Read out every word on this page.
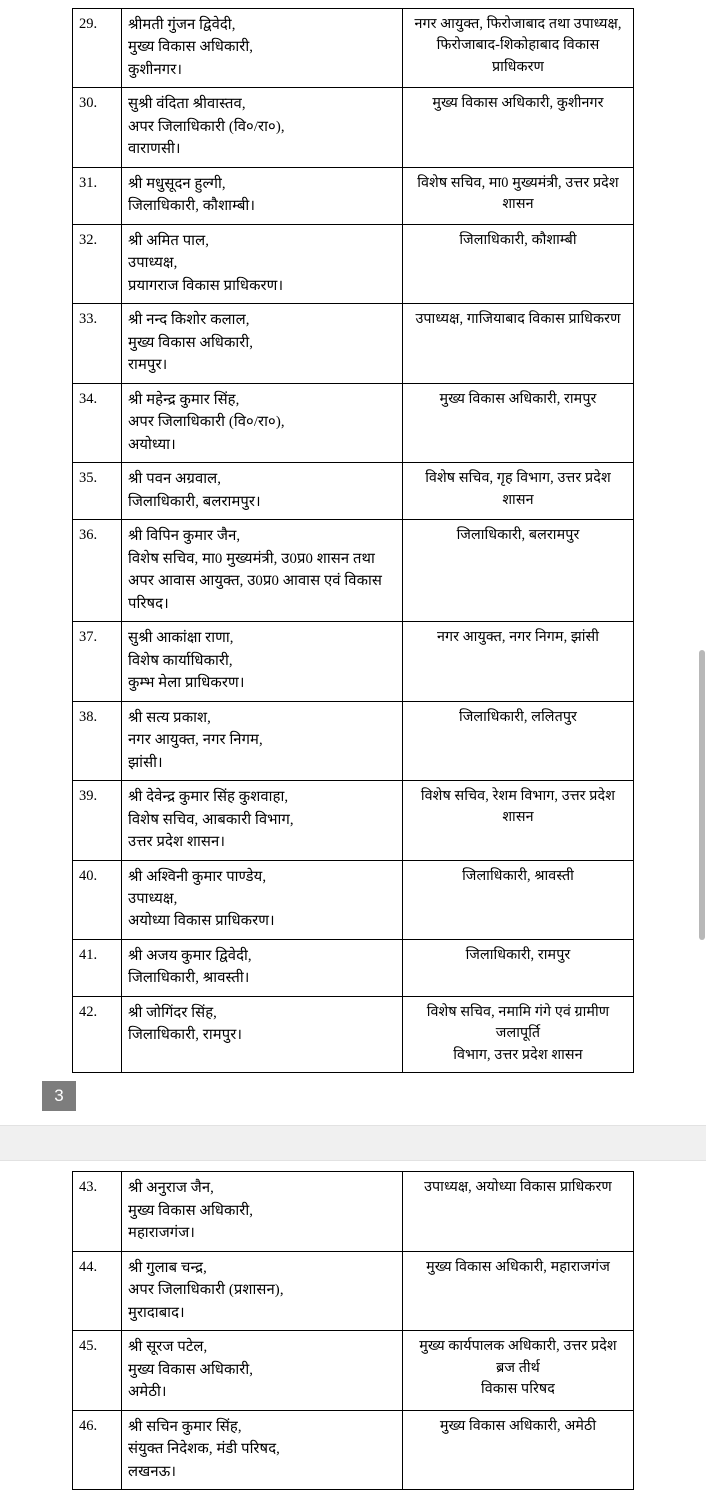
29.	श्रीमती गुंजन द्विवेदी,
मुख्य विकास अधिकारी,
कुशीनगर।	नगर आयुक्त, फिरोजाबाद तथा उपाध्यक्ष,
फिरोजाबाद-शिकोहाबाद विकास प्राधिकरण

30.	सुश्री वंदिता श्रीवास्तव,
अपर जिलाधिकारी (वि०/रा०),
वाराणसी।	मुख्य विकास अधिकारी, कुशीनगर

31.	श्री मधुसूदन हुल्गी,
जिलाधिकारी, कौशाम्बी।	विशेष सचिव, मा0 मुख्यमंत्री, उत्तर प्रदेश शासन

32.	श्री अमित पाल,
उपाध्यक्ष,
प्रयागराज विकास प्राधिकरण।	जिलाधिकारी, कौशाम्बी

33.	श्री नन्द किशोर कलाल,
मुख्य विकास अधिकारी,
रामपुर।	उपाध्यक्ष, गाजियाबाद विकास प्राधिकरण

34.	श्री महेन्द्र कुमार सिंह,
अपर जिलाधिकारी (वि०/रा०),
अयोध्या।	मुख्य विकास अधिकारी, रामपुर

35.	श्री पवन अग्रवाल,
जिलाधिकारी, बलरामपुर।	विशेष सचिव, गृह विभाग, उत्तर प्रदेश शासन

36.	श्री विपिन कुमार जैन,
विशेष सचिव, मा0 मुख्यमंत्री, उ0प्र0 शासन तथा
अपर आवास आयुक्त, उ0प्र0 आवास एवं विकास
परिषद।	जिलाधिकारी, बलरामपुर

37.	सुश्री आकांक्षा राणा,
विशेष कार्याधिकारी,
कुम्भ मेला प्राधिकरण।	नगर आयुक्त, नगर निगम, झांसी

38.	श्री सत्य प्रकाश,
नगर आयुक्त, नगर निगम,
झांसी।	जिलाधिकारी, ललितपुर

39.	श्री देवेन्द्र कुमार सिंह कुशवाहा,
विशेष सचिव, आबकारी विभाग,
उत्तर प्रदेश शासन।	विशेष सचिव, रेशम विभाग, उत्तर प्रदेश शासन

40.	श्री अश्विनी कुमार पाण्डेय,
उपाध्यक्ष,
अयोध्या विकास प्राधिकरण।	जिलाधिकारी, श्रावस्ती

41.	श्री अजय कुमार द्विवेदी,
जिलाधिकारी, श्रावस्ती।	जिलाधिकारी, रामपुर

42.	श्री जोगिंदर सिंह,
जिलाधिकारी, रामपुर।	विशेष सचिव, नमामि गंगे एवं ग्रामीण जलापूर्ति
विभाग, उत्तर प्रदेश शासन
3
43.	श्री अनुराज जैन,
मुख्य विकास अधिकारी,
महाराजगंज।	उपाध्यक्ष, अयोध्या विकास प्राधिकरण

44.	श्री गुलाब चन्द्र,
अपर जिलाधिकारी (प्रशासन),
मुरादाबाद।	मुख्य विकास अधिकारी, महाराजगंज

45.	श्री सूरज पटेल,
मुख्य विकास अधिकारी,
अमेठी।	मुख्य कार्यपालक अधिकारी, उत्तर प्रदेश ब्रज तीर्थ
विकास परिषद

46.	श्री सचिन कुमार सिंह,
संयुक्त निदेशक, मंडी परिषद,
लखनऊ।	मुख्य विकास अधिकारी, अमेठी
